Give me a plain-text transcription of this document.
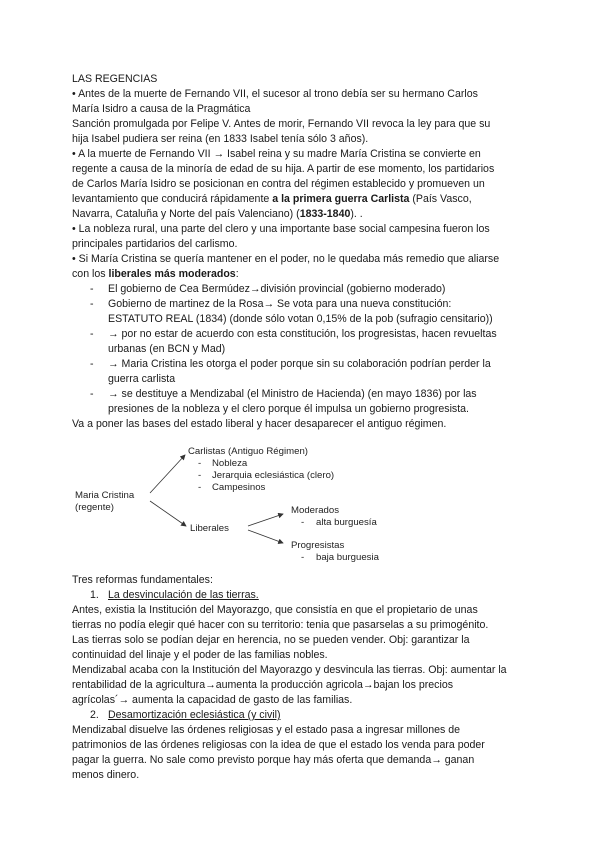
LAS REGENCIAS
• Antes de la muerte de Fernando VII, el sucesor al trono debía ser su hermano Carlos
María Isidro a causa de la Pragmática
Sanción promulgada por Felipe V. Antes de morir, Fernando VII revoca la ley para que su
hija Isabel pudiera ser reina (en 1833 Isabel tenía sólo 3 años).
• A la muerte de Fernando VII → Isabel reina y su madre María Cristina se convierte en
regente a causa de la minoría de edad de su hija. A partir de ese momento, los partidarios
de Carlos María Isidro se posicionan en contra del régimen establecido y promueven un
levantamiento que conducirá rápidamente a la primera guerra Carlista (País Vasco,
Navarra, Cataluña y Norte del país Valenciano) (1833-1840). .
• La nobleza rural, una parte del clero y una importante base social campesina fueron los
principales partidarios del carlismo.
• Si María Cristina se quería mantener en el poder, no le quedaba más remedio que aliarse
con los liberales más moderados:
- El gobierno de Cea Bermúdez→división provincial (gobierno moderado)
- Gobierno de martinez de la Rosa→ Se vota para una nueva constitución:
ESTATUTO REAL (1834) (donde sólo votan 0,15% de la pob (sufragio censitario))
- → por no estar de acuerdo con esta constitución, los progresistas, hacen revueltas
urbanas (en BCN y Mad)
- → Maria Cristina les otorga el poder porque sin su colaboración podrían perder la
guerra carlista
- → se destituye a Mendizabal (el Ministro de Hacienda) (en mayo 1836) por las
presiones de la nobleza y el clero porque él impulsa un gobierno progresista.
Va a poner las bases del estado liberal y hacer desaparecer el antiguo régimen.
Maria Cristina
(regente)
Carlistas (Antiguo Régimen)
- Nobleza
- Jerarquia eclesiástica (clero)
- Campesinos
Liberales
Moderados
- alta burguesía
Progresistas
- baja burguesia
Tres reformas fundamentales:
1. La desvinculación de las tierras.
Antes, existia la Institución del Mayorazgo, que consistía en que el propietario de unas
tierras no podía elegir qué hacer con su territorio: tenia que pasarselas a su primogénito.
Las tierras solo se podían dejar en herencia, no se pueden vender. Obj: garantizar la
continuidad del linaje y el poder de las familias nobles.
Mendizabal acaba con la Institución del Mayorazgo y desvincula las tierras. Obj: aumentar la
rentabilidad de la agricultura→aumenta la producción agricola→bajan los precios
agrícolas´→ aumenta la capacidad de gasto de las familias.
2. Desamortización eclesiástica (y civil)
Mendizabal disuelve las órdenes religiosas y el estado pasa a ingresar millones de
patrimonios de las órdenes religiosas con la idea de que el estado los venda para poder
pagar la guerra. No sale como previsto porque hay más oferta que demanda→ ganan
menos dinero.
